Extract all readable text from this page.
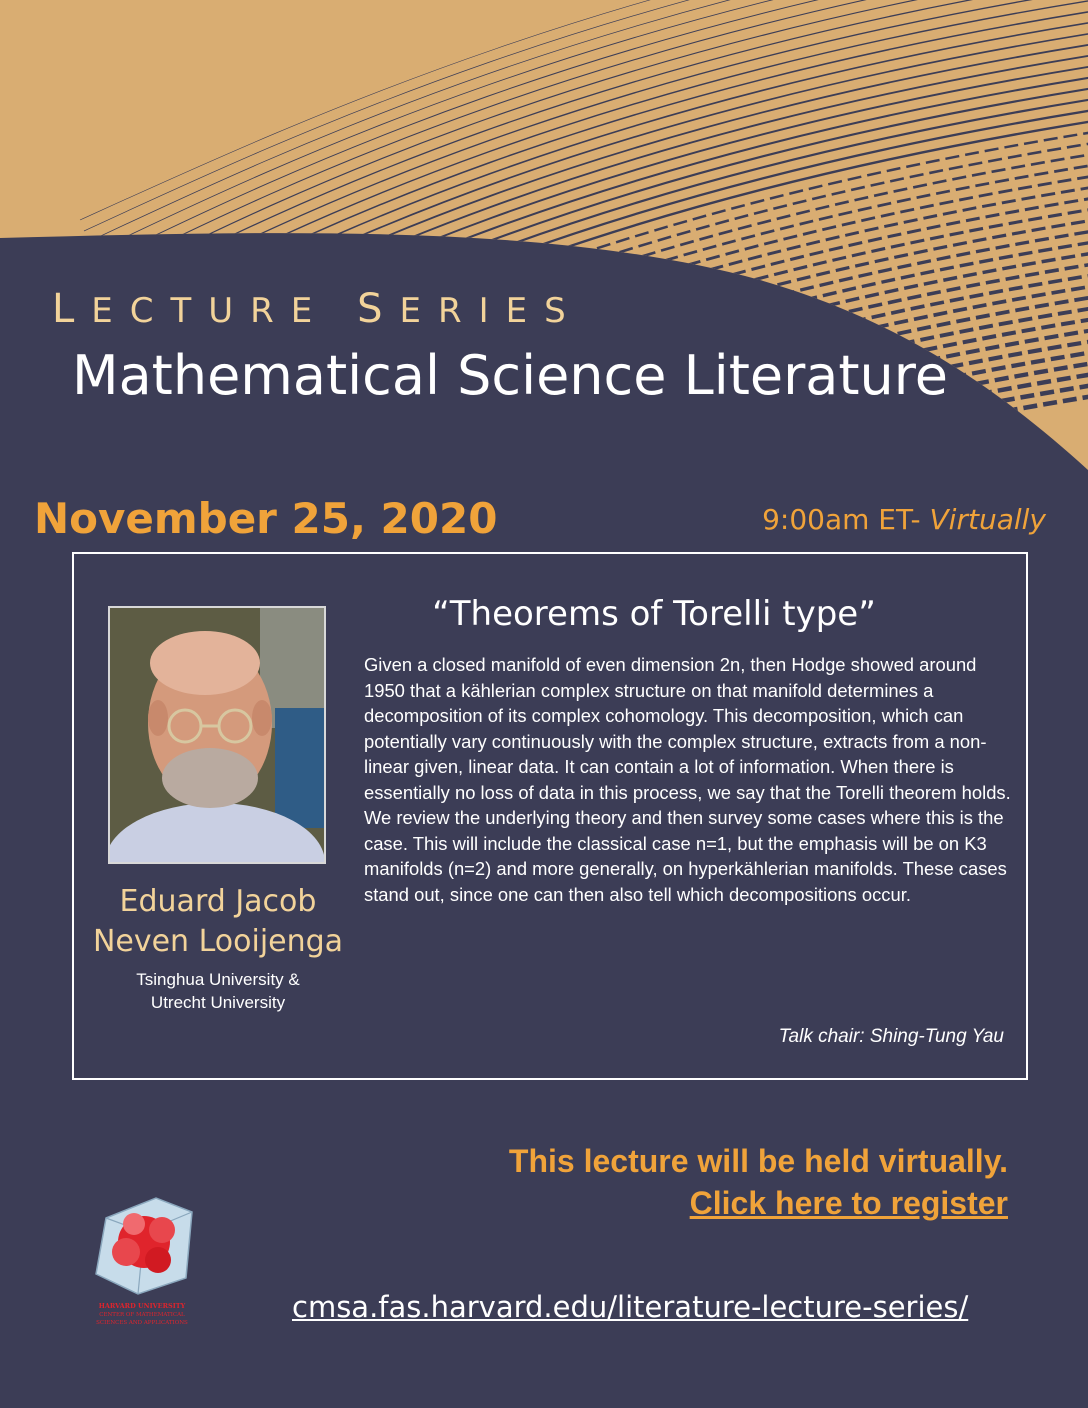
LECTURE SERIES
Mathematical Science Literature
November 25, 2020	9:00am ET- Virtually
Eduard Jacob
Neven Looijenga
Tsinghua University &
Utrecht University
“Theorems of Torelli type”
Given a closed manifold of even dimension 2n, then Hodge showed around 1950 that a kählerian complex structure on that manifold determines a decomposition of its complex cohomology. This decomposition, which can potentially vary continuously with the complex structure, extracts from a non-linear given, linear data. It can contain a lot of information. When there is essentially no loss of data in this process, we say that the Torelli theorem holds. We review the underlying theory and then survey some cases where this is the case. This will include the classical case n=1, but the emphasis will be on K3 manifolds (n=2) and more generally, on hyperkählerian manifolds. These cases stand out, since one can then also tell which decompositions occur.
Talk chair: Shing-Tung Yau
This lecture will be held virtually.
Click here to register
cmsa.fas.harvard.edu/literature-lecture-series/
HARVARD UNIVERSITY
CENTER OF MATHEMATICAL
SCIENCES AND APPLICATIONS
